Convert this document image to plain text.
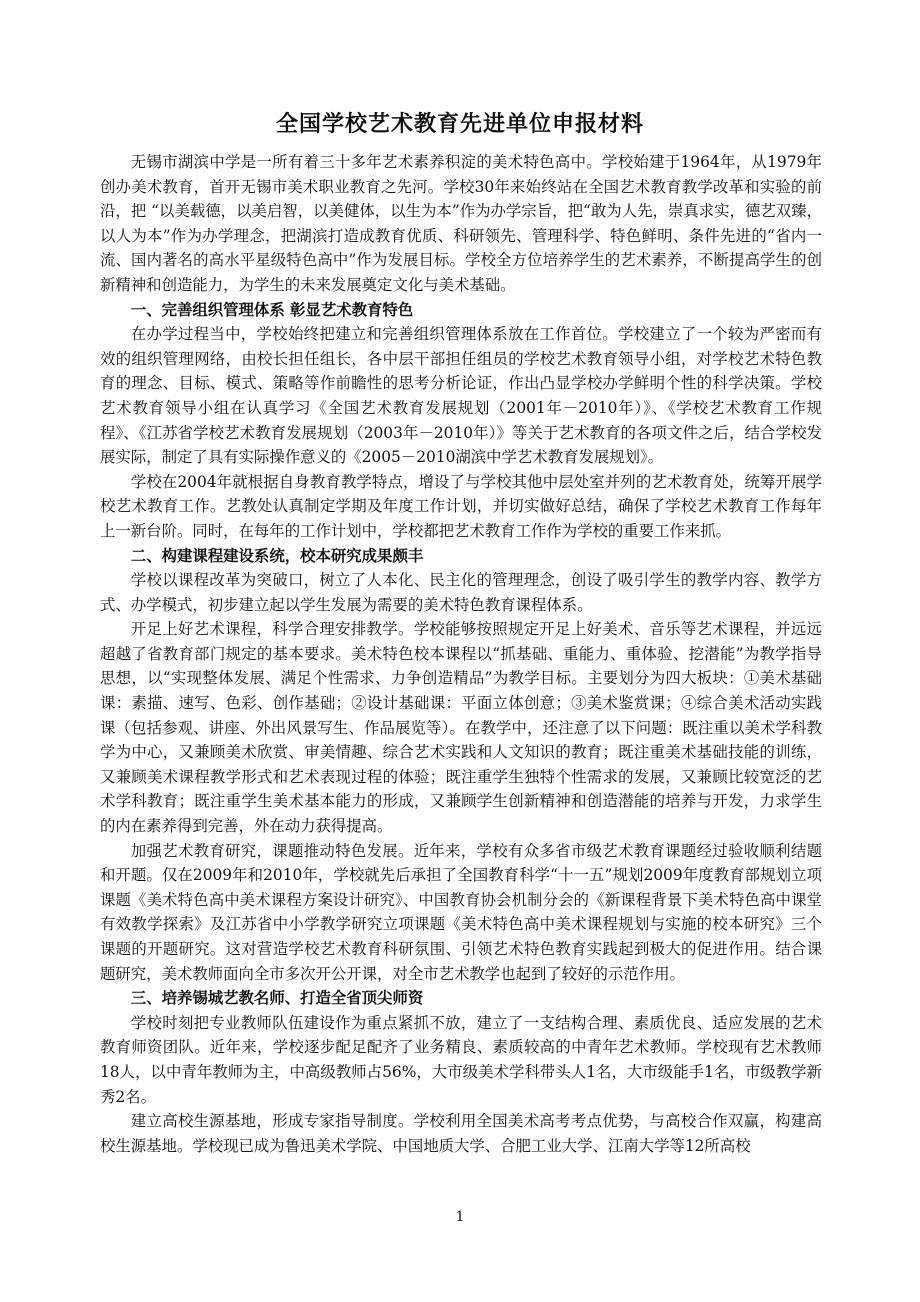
全国学校艺术教育先进单位申报材料

无锡市湖滨中学是一所有着三十多年艺术素养积淀的美术特色高中。学校始建于1964年，从1979年创办美术教育，首开无锡市美术职业教育之先河。学校30年来始终站在全国艺术教育教学改革和实验的前沿，把 “以美载德，以美启智，以美健体，以生为本”作为办学宗旨，把“敢为人先，崇真求实，德艺双臻，以人为本”作为办学理念，把湖滨打造成教育优质、科研领先、管理科学、特色鲜明、条件先进的“省内一流、国内著名的高水平星级特色高中”作为发展目标。学校全方位培养学生的艺术素养，不断提高学生的创新精神和创造能力，为学生的未来发展奠定文化与美术基础。

一、完善组织管理体系 彰显艺术教育特色

在办学过程当中，学校始终把建立和完善组织管理体系放在工作首位。学校建立了一个较为严密而有效的组织管理网络，由校长担任组长，各中层干部担任组员的学校艺术教育领导小组，对学校艺术特色教育的理念、目标、模式、策略等作前瞻性的思考分析论证，作出凸显学校办学鲜明个性的科学决策。学校艺术教育领导小组在认真学习《全国艺术教育发展规划（2001年－2010年）》、《学校艺术教育工作规程》、《江苏省学校艺术教育发展规划（2003年－2010年）》等关于艺术教育的各项文件之后，结合学校发展实际，制定了具有实际操作意义的《2005－2010湖滨中学艺术教育发展规划》。

学校在2004年就根据自身教育教学特点，增设了与学校其他中层处室并列的艺术教育处，统筹开展学校艺术教育工作。艺教处认真制定学期及年度工作计划，并切实做好总结，确保了学校艺术教育工作每年上一新台阶。同时，在每年的工作计划中，学校都把艺术教育工作作为学校的重要工作来抓。

二、构建课程建设系统，校本研究成果颇丰

学校以课程改革为突破口，树立了人本化、民主化的管理理念，创设了吸引学生的教学内容、教学方式、办学模式，初步建立起以学生发展为需要的美术特色教育课程体系。

开足上好艺术课程，科学合理安排教学。学校能够按照规定开足上好美术、音乐等艺术课程，并远远超越了省教育部门规定的基本要求。美术特色校本课程以“抓基础、重能力、重体验、挖潜能”为教学指导思想，以“实现整体发展、满足个性需求、力争创造精品”为教学目标。主要划分为四大板块：①美术基础课：素描、速写、色彩、创作基础；②设计基础课：平面立体创意；③美术鉴赏课；④综合美术活动实践课（包括参观、讲座、外出风景写生、作品展览等）。在教学中，还注意了以下问题：既注重以美术学科教学为中心，又兼顾美术欣赏、审美情趣、综合艺术实践和人文知识的教育；既注重美术基础技能的训练，又兼顾美术课程教学形式和艺术表现过程的体验；既注重学生独特个性需求的发展，又兼顾比较宽泛的艺术学科教育；既注重学生美术基本能力的形成，又兼顾学生创新精神和创造潜能的培养与开发，力求学生的内在素养得到完善，外在动力获得提高。

加强艺术教育研究，课题推动特色发展。近年来，学校有众多省市级艺术教育课题经过验收顺利结题和开题。仅在2009年和2010年，学校就先后承担了全国教育科学“十一五”规划2009年度教育部规划立项课题《美术特色高中美术课程方案设计研究》、中国教育协会机制分会的《新课程背景下美术特色高中课堂有效教学探索》及江苏省中小学教学研究立项课题《美术特色高中美术课程规划与实施的校本研究》三个课题的开题研究。这对营造学校艺术教育科研氛围、引领艺术特色教育实践起到极大的促进作用。结合课题研究，美术教师面向全市多次开公开课，对全市艺术教学也起到了较好的示范作用。

三、培养锡城艺教名师、打造全省顶尖师资

学校时刻把专业教师队伍建设作为重点紧抓不放，建立了一支结构合理、素质优良、适应发展的艺术教育师资团队。近年来，学校逐步配足配齐了业务精良、素质较高的中青年艺术教师。学校现有艺术教师18人，以中青年教师为主，中高级教师占56%，大市级美术学科带头人1名，大市级能手1名，市级教学新秀2名。

建立高校生源基地，形成专家指导制度。学校利用全国美术高考考点优势，与高校合作双赢，构建高校生源基地。学校现已成为鲁迅美术学院、中国地质大学、合肥工业大学、江南大学等12所高校

1
